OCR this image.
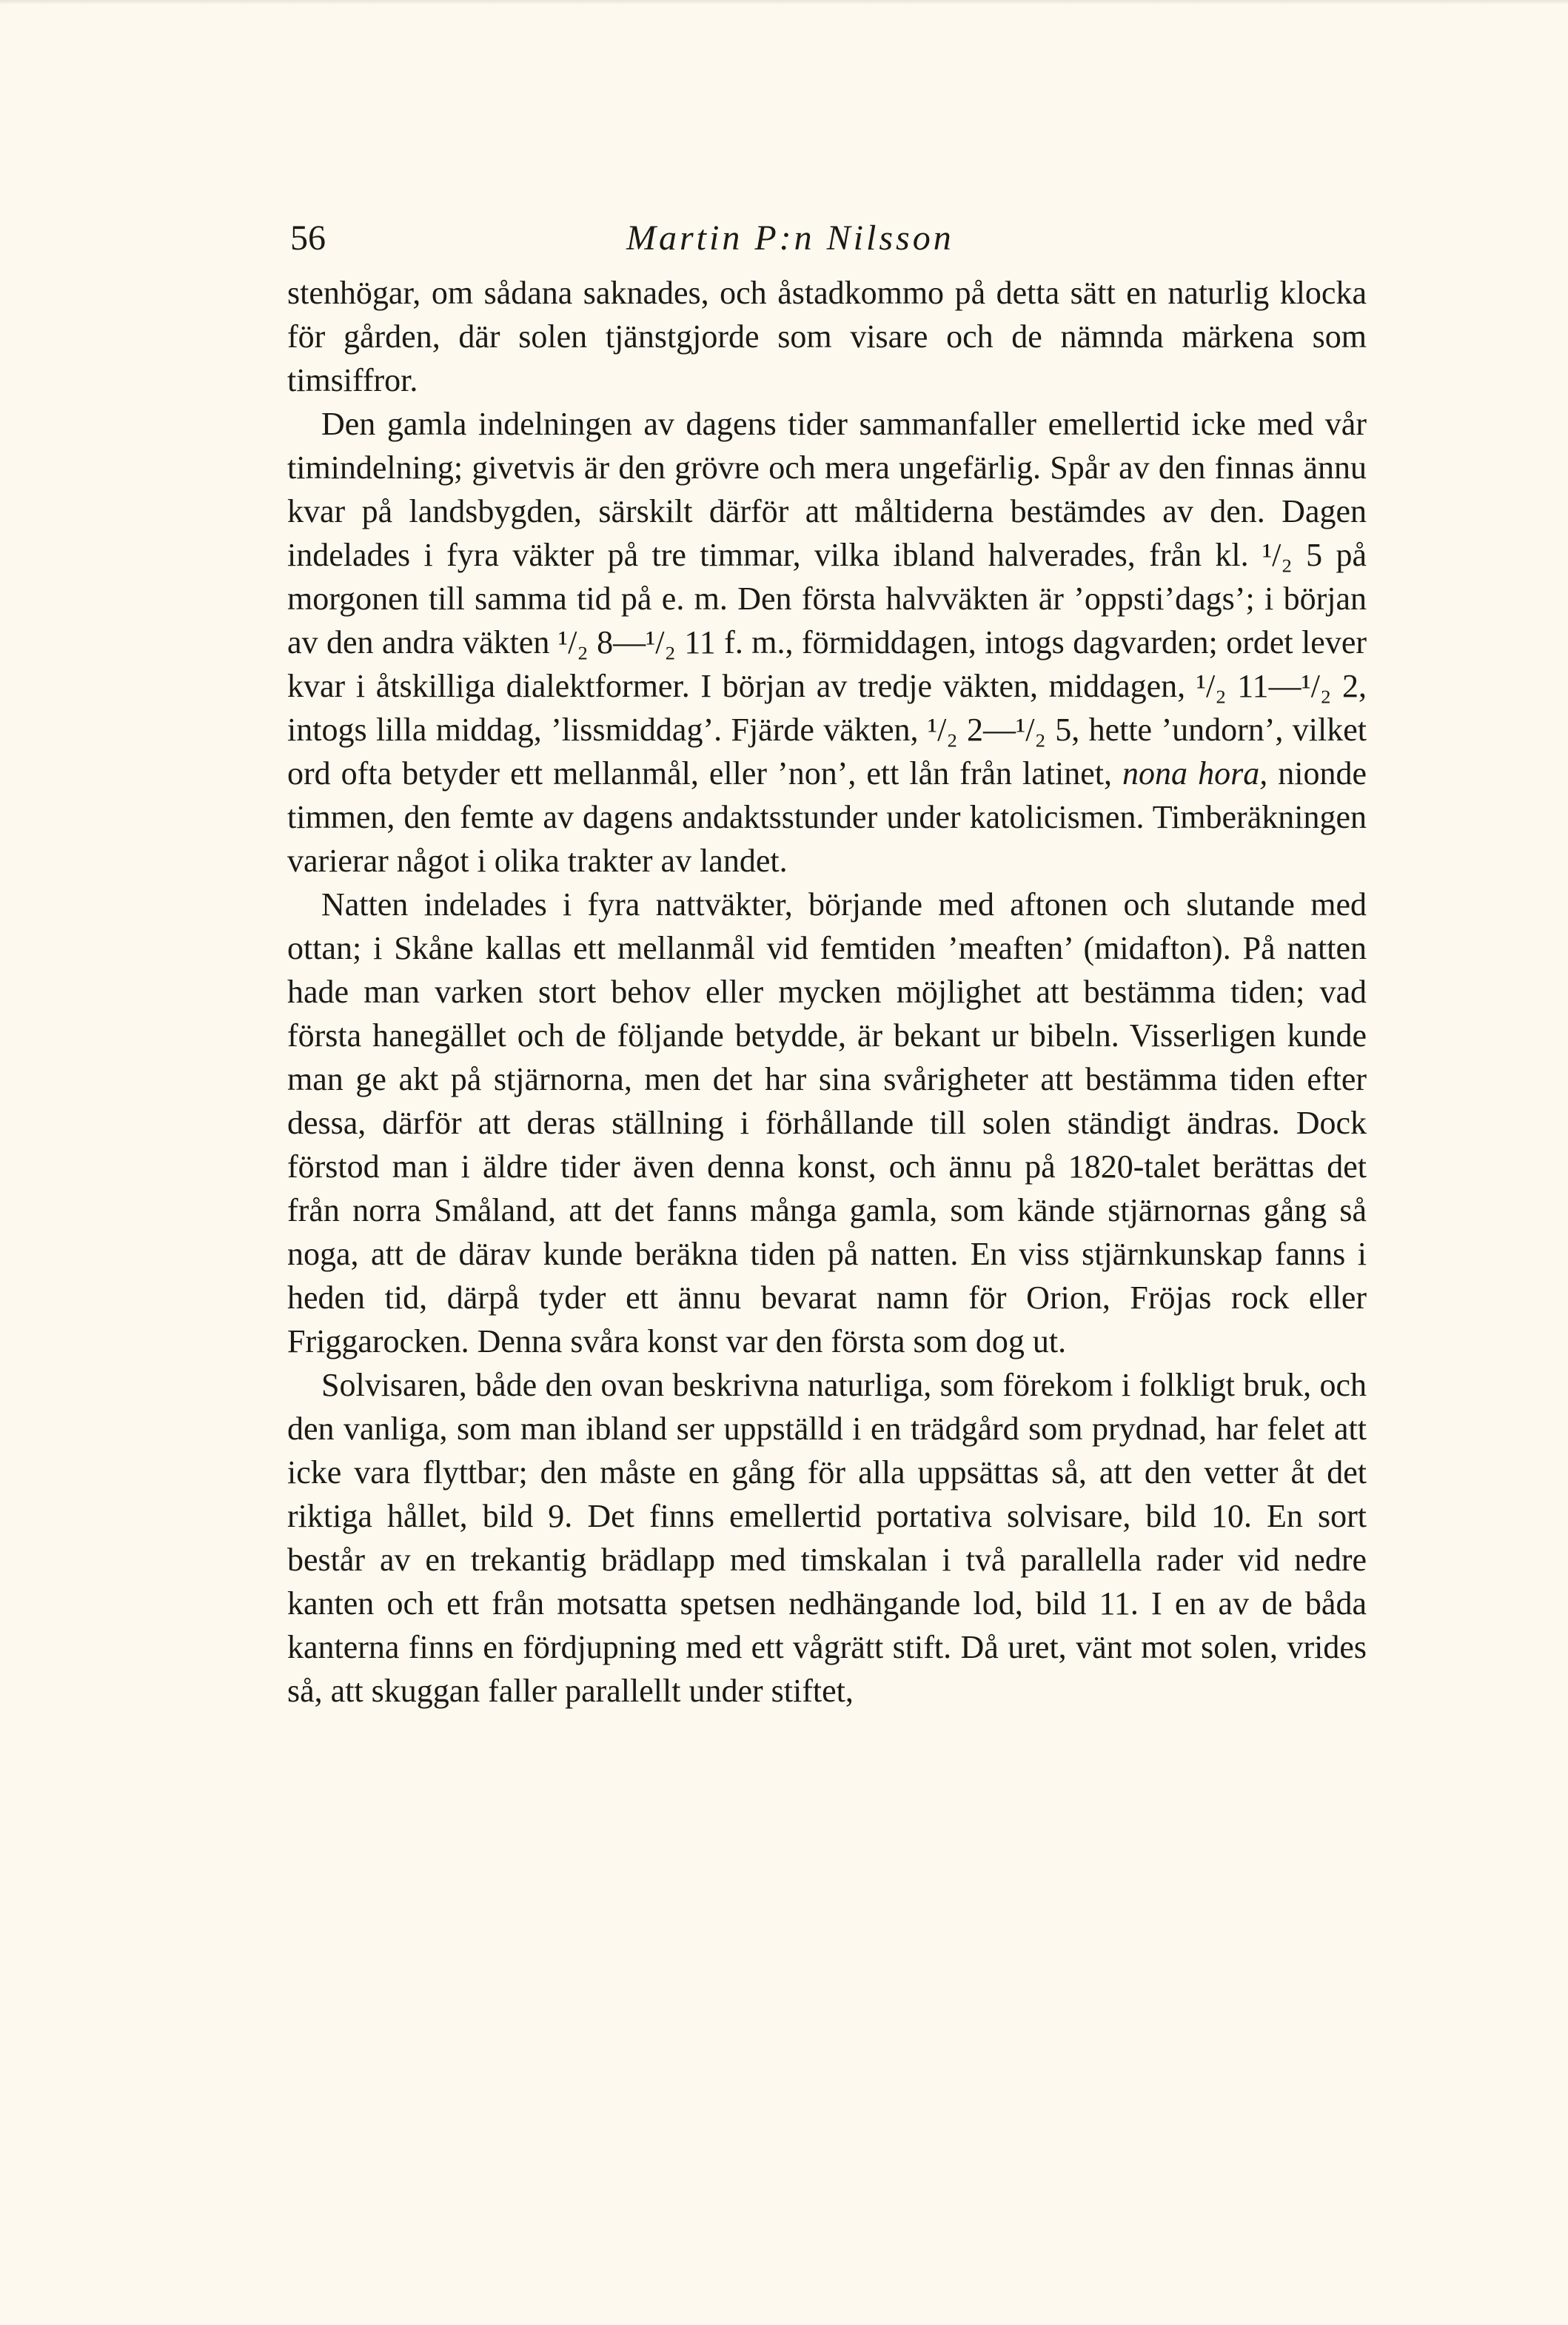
56	Martin P:n Nilsson

stenhögar, om sådana saknades, och åstadkommo på detta sätt en naturlig klocka för gården, där solen tjänstgjorde som visare och de nämnda märkena som timsiffror.

Den gamla indelningen av dagens tider sammanfaller emellertid icke med vår timindelning; givetvis är den grövre och mera ungefärlig. Spår av den finnas ännu kvar på landsbygden, särskilt därför att måltiderna bestämdes av den. Dagen indelades i fyra väkter på tre timmar, vilka ibland halverades, från kl. ¹/₂ 5 på morgonen till samma tid på e. m. Den första halvväkten är ’oppsti’dags’; i början av den andra väkten ¹/₂ 8—¹/₂ 11 f. m., förmiddagen, intogs dagvarden; ordet lever kvar i åtskilliga dialektformer. I början av tredje väkten, middagen, ¹/₂ 11—¹/₂ 2, intogs lilla middag, ’lissmiddag’. Fjärde väkten, ¹/₂ 2—¹/₂ 5, hette ’undorn’, vilket ord ofta betyder ett mellanmål, eller ’non’, ett lån från latinet, nona hora, nionde timmen, den femte av dagens andaktsstunder under katolicismen. Timberäkningen varierar något i olika trakter av landet.

Natten indelades i fyra nattväkter, börjande med aftonen och slutande med ottan; i Skåne kallas ett mellanmål vid femtiden ’meaften’ (midafton). På natten hade man varken stort behov eller mycken möjlighet att bestämma tiden; vad första hanegället och de följande betydde, är bekant ur bibeln. Visserligen kunde man ge akt på stjärnorna, men det har sina svårigheter att bestämma tiden efter dessa, därför att deras ställning i förhållande till solen ständigt ändras. Dock förstod man i äldre tider även denna konst, och ännu på 1820-talet berättas det från norra Småland, att det fanns många gamla, som kände stjärnornas gång så noga, att de därav kunde beräkna tiden på natten. En viss stjärnkunskap fanns i heden tid, därpå tyder ett ännu bevarat namn för Orion, Fröjas rock eller Friggarocken. Denna svåra konst var den första som dog ut.

Solvisaren, både den ovan beskrivna naturliga, som förekom i folkligt bruk, och den vanliga, som man ibland ser uppställd i en trädgård som prydnad, har felet att icke vara flyttbar; den måste en gång för alla uppsättas så, att den vetter åt det riktiga hållet, bild 9. Det finns emellertid portativa solvisare, bild 10. En sort består av en trekantig brädlapp med timskalan i två parallella rader vid nedre kanten och ett från motsatta spetsen nedhängande lod, bild 11. I en av de båda kanterna finns en fördjupning med ett vågrätt stift. Då uret, vänt mot solen, vrides så, att skuggan faller parallellt under stiftet,
